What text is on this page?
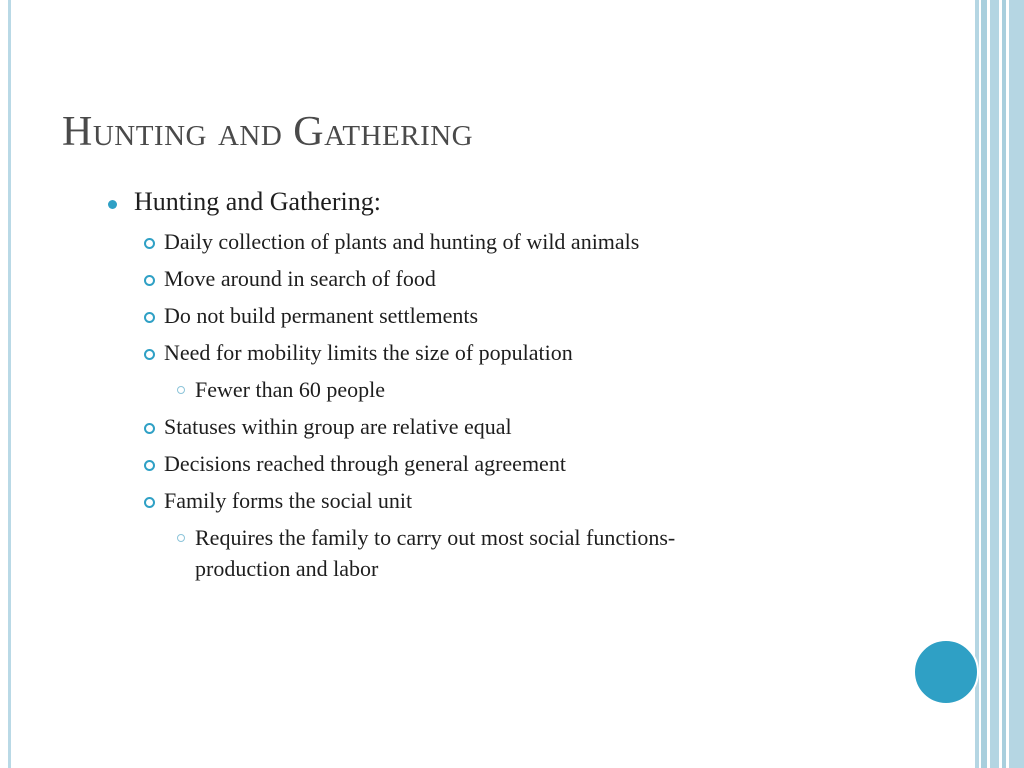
Hunting and Gathering
Hunting and Gathering:
Daily collection of plants and hunting of wild animals
Move around in search of food
Do not build permanent settlements
Need for mobility limits the size of population
Fewer than 60 people
Statuses within group are relative equal
Decisions reached through general agreement
Family forms the social unit
Requires the family to carry out most social functions-
production and labor
